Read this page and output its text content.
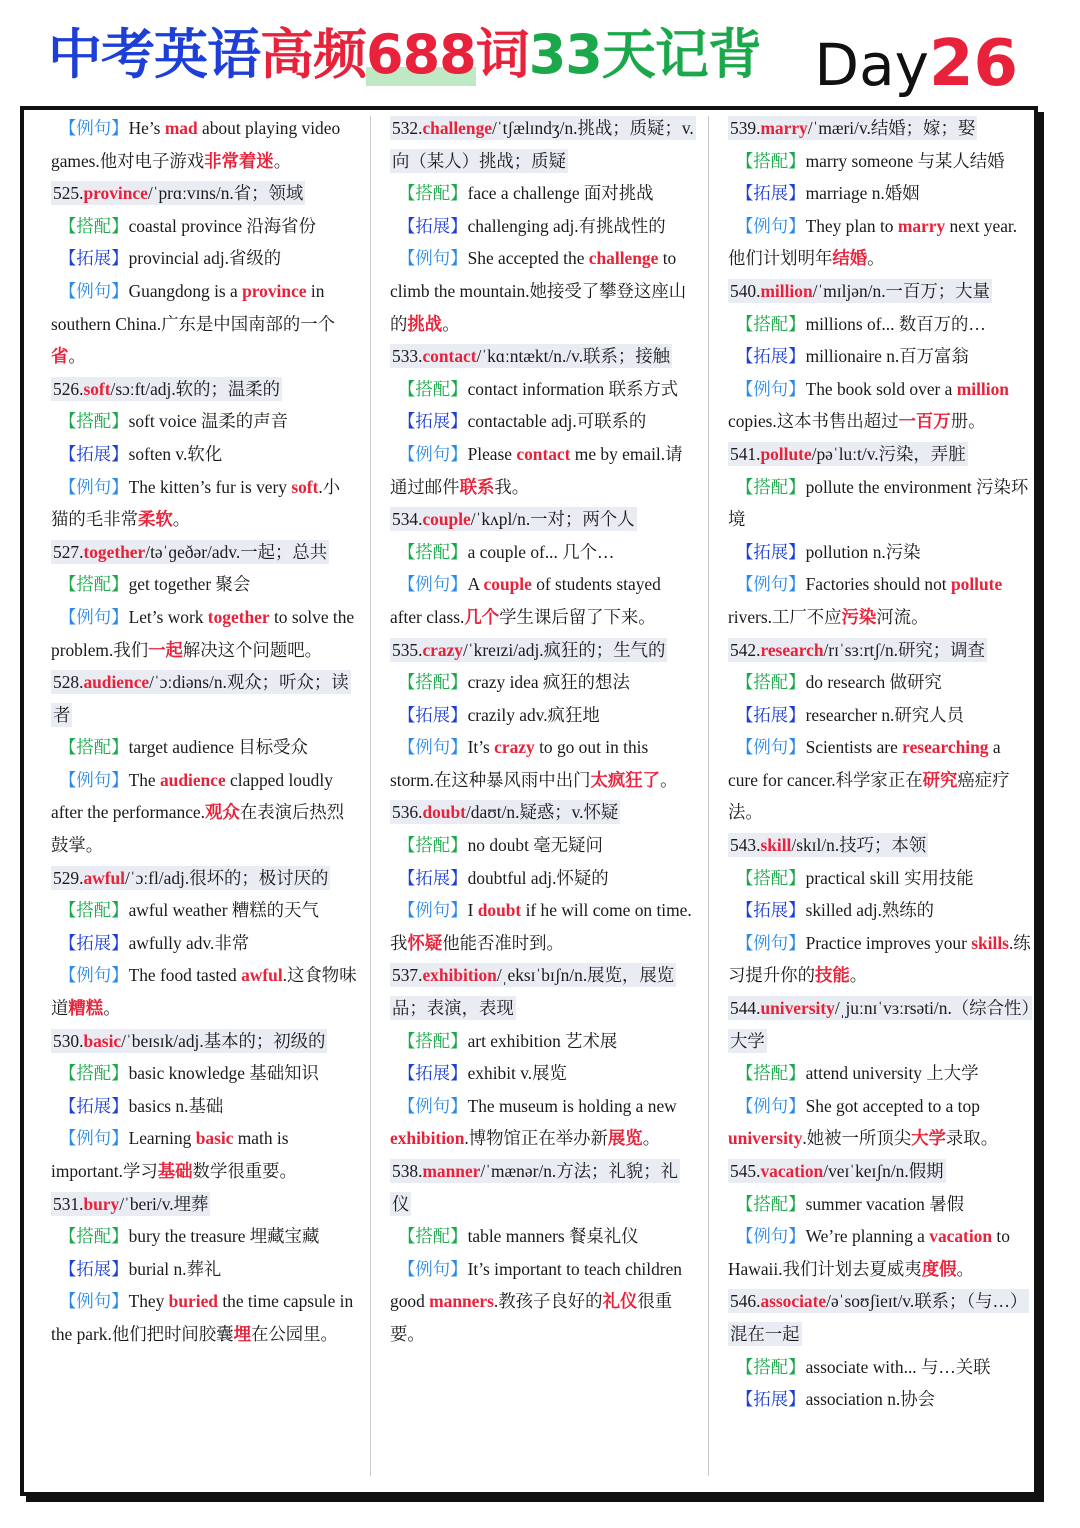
中考英语高频688词33天记背 Day26
【例句】He’s mad about playing video games.他对电子游戏非常着迷。
525.province/ˈprɑːvɪns/n.省；领域
【搭配】coastal province 沿海省份
【拓展】provincial adj.省级的
【例句】Guangdong is a province in southern China.广东是中国南部的一个省。
526.soft/sɔːft/adj.软的；温柔的
【搭配】soft voice 温柔的声音
【拓展】soften v.软化
【例句】The kitten’s fur is very soft.小猫的毛非常柔软。
527.together/təˈɡeðər/adv.一起；总共
【搭配】get together 聚会
【例句】Let’s work together to solve the problem.我们一起解决这个问题吧。
528.audience/ˈɔːdiəns/n.观众；听众；读者
【搭配】target audience 目标受众
【例句】The audience clapped loudly after the performance.观众在表演后热烈鼓掌。
529.awful/ˈɔːfl/adj.很坏的；极讨厌的
【搭配】awful weather 糟糕的天气
【拓展】awfully adv.非常
【例句】The food tasted awful.这食物味道糟糕。
530.basic/ˈbeɪsɪk/adj.基本的；初级的
【搭配】basic knowledge 基础知识
【拓展】basics n.基础
【例句】Learning basic math is important.学习基础数学很重要。
531.bury/ˈberi/v.埋葬
【搭配】bury the treasure 埋藏宝藏
【拓展】burial n.葬礼
【例句】They buried the time capsule in the park.他们把时间胶囊埋在公园里。
532.challenge/ˈtʃælɪndʒ/n.挑战；质疑；v.向（某人）挑战；质疑
【搭配】face a challenge 面对挑战
【拓展】challenging adj.有挑战性的
【例句】She accepted the challenge to climb the mountain.她接受了攀登这座山的挑战。
533.contact/ˈkɑːntækt/n./v.联系；接触
【搭配】contact information 联系方式
【拓展】contactable adj.可联系的
【例句】Please contact me by email.请通过邮件联系我。
534.couple/ˈkʌpl/n.一对；两个人
【搭配】a couple of... 几个…
【例句】A couple of students stayed after class.几个学生课后留了下来。
535.crazy/ˈkreɪzi/adj.疯狂的；生气的
【搭配】crazy idea 疯狂的想法
【拓展】crazily adv.疯狂地
【例句】It’s crazy to go out in this storm.在这种暴风雨中出门太疯狂了。
536.doubt/daʊt/n.疑惑；v.怀疑
【搭配】no doubt 毫无疑问
【拓展】doubtful adj.怀疑的
【例句】I doubt if he will come on time.我怀疑他能否准时到。
537.exhibition/ˌeksɪˈbɪʃn/n.展览，展览品；表演，表现
【搭配】art exhibition 艺术展
【拓展】exhibit v.展览
【例句】The museum is holding a new exhibition.博物馆正在举办新展览。
538.manner/ˈmænər/n.方法；礼貌；礼仪
【搭配】table manners 餐桌礼仪
【例句】It’s important to teach children good manners.教孩子良好的礼仪很重要。
539.marry/ˈmæri/v.结婚；嫁；娶
【搭配】marry someone 与某人结婚
【拓展】marriage n.婚姻
【例句】They plan to marry next year.他们计划明年结婚。
540.million/ˈmɪljən/n.一百万；大量
【搭配】millions of... 数百万的…
【拓展】millionaire n.百万富翁
【例句】The book sold over a million copies.这本书售出超过一百万册。
541.pollute/pəˈluːt/v.污染，弄脏
【搭配】pollute the environment 污染环境
【拓展】pollution n.污染
【例句】Factories should not pollute rivers.工厂不应污染河流。
542.research/rɪˈsɜːrtʃ/n.研究；调查
【搭配】do research 做研究
【拓展】researcher n.研究人员
【例句】Scientists are researching a cure for cancer.科学家正在研究癌症疗法。
543.skill/skɪl/n.技巧；本领
【搭配】practical skill 实用技能
【拓展】skilled adj.熟练的
【例句】Practice improves your skills.练习提升你的技能。
544.university/ˌjuːnɪˈvɜːrsəti/n.（综合性）大学
【搭配】attend university 上大学
【例句】She got accepted to a top university.她被一所顶尖大学录取。
545.vacation/veɪˈkeɪʃn/n.假期
【搭配】summer vacation 暑假
【例句】We’re planning a vacation to Hawaii.我们计划去夏威夷度假。
546.associate/əˈsoʊʃieɪt/v.联系；（与…）混在一起
【搭配】associate with... 与…关联
【拓展】association n.协会
